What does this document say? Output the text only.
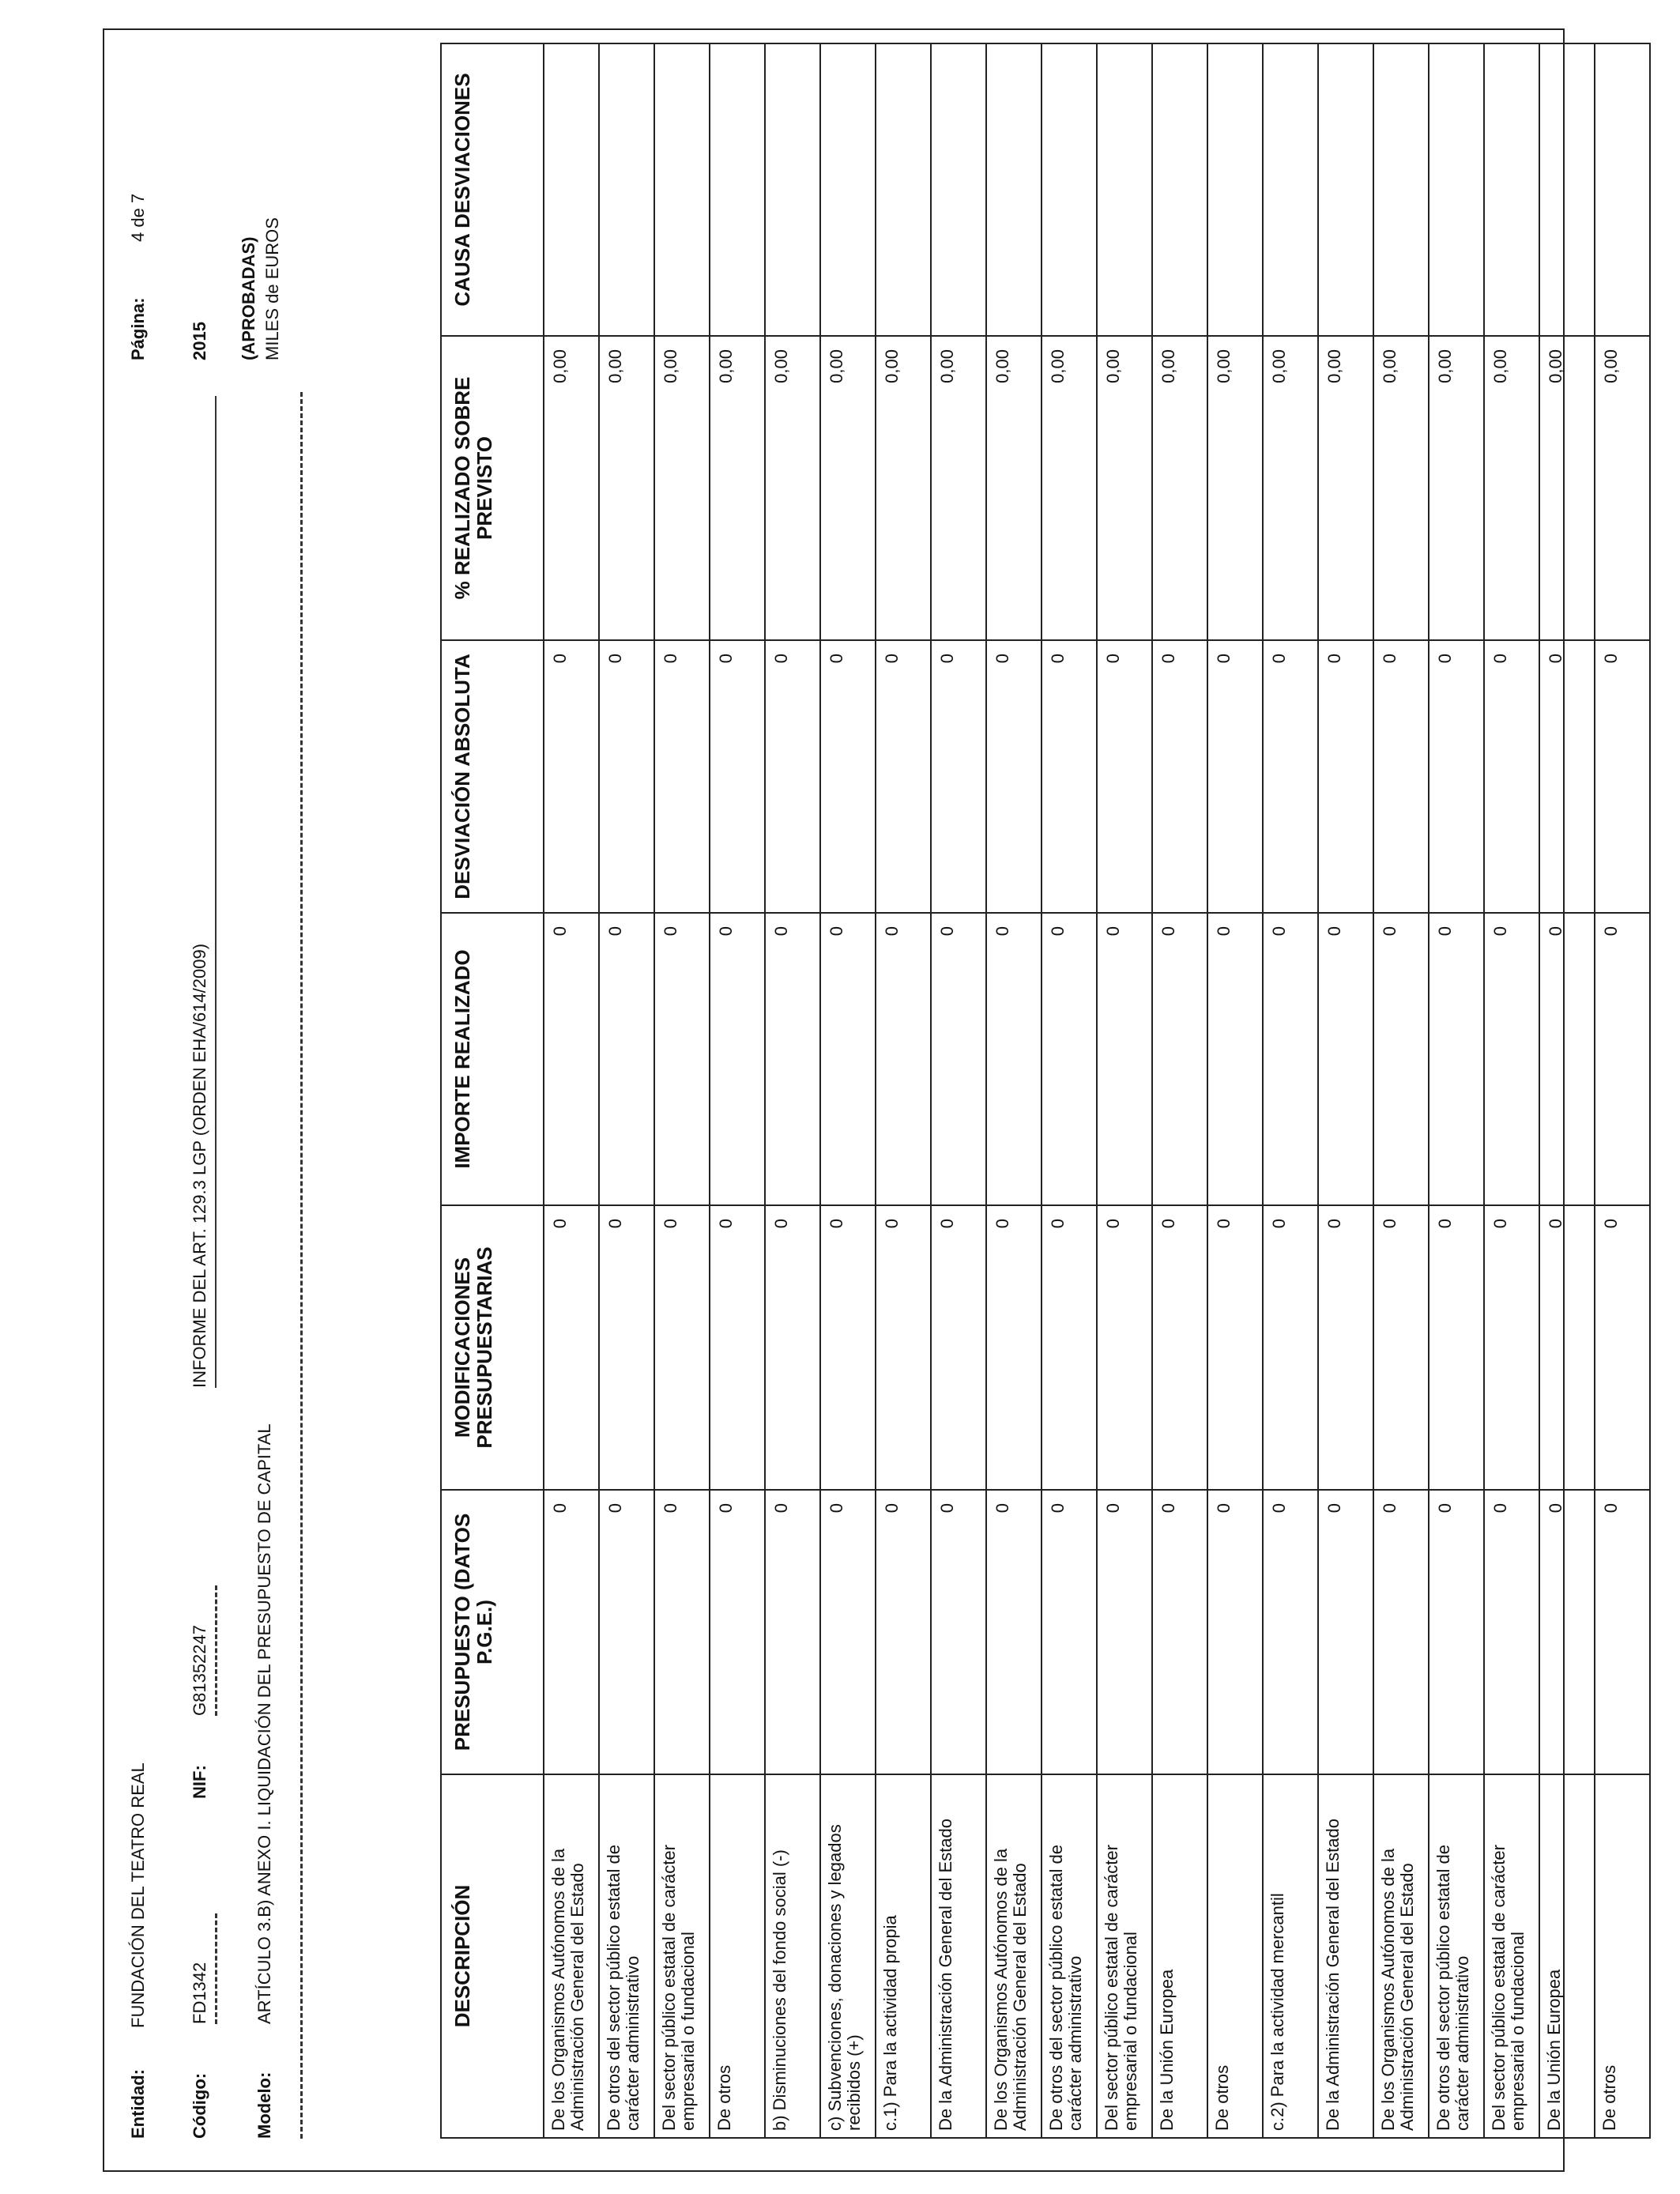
Entidad:
FUNDACIÓN DEL TEATRO REAL
Página:
4 de 7
Código:
FD1342
NIF:
G81352247
INFORME DEL ART. 129.3 LGP (ORDEN EHA/614/2009)
2015 (APROBADAS)
Modelo:
ARTÍCULO 3.B) ANEXO I. LIQUIDACIÓN DEL PRESUPUESTO DE CAPITAL
MILES de EUROS
DESCRIPCIÓN	PRESUPUESTO (DATOS P.G.E.)	MODIFICACIONES PRESUPUESTARIAS	IMPORTE REALIZADO	DESVIACIÓN ABSOLUTA	% REALIZADO SOBRE PREVISTO	CAUSA DESVIACIONES
De los Organismos Autónomos de la Administración General del Estado	0	0	0	0	0,00	
De otros del sector público estatal de carácter administrativo	0	0	0	0	0,00	
Del sector público estatal de carácter empresarial o fundacional	0	0	0	0	0,00	
De otros	0	0	0	0	0,00	
b) Disminuciones del fondo social (-)	0	0	0	0	0,00	
c) Subvenciones, donaciones y legados recibidos (+)	0	0	0	0	0,00	
c.1) Para la actividad propia	0	0	0	0	0,00	
De la Administración General del Estado	0	0	0	0	0,00	
De los Organismos Autónomos de la Administración General del Estado	0	0	0	0	0,00	
De otros del sector público estatal de carácter administrativo	0	0	0	0	0,00	
Del sector público estatal de carácter empresarial o fundacional	0	0	0	0	0,00	
De la Unión Europea	0	0	0	0	0,00	
De otros	0	0	0	0	0,00	
c.2) Para la actividad mercantil	0	0	0	0	0,00	
De la Administración General del Estado	0	0	0	0	0,00	
De los Organismos Autónomos de la Administración General del Estado	0	0	0	0	0,00	
De otros del sector público estatal de carácter administrativo	0	0	0	0	0,00	
Del sector público estatal de carácter empresarial o fundacional	0	0	0	0	0,00	
De la Unión Europea	0	0	0	0	0,00	
De otros	0	0	0	0	0,00	
